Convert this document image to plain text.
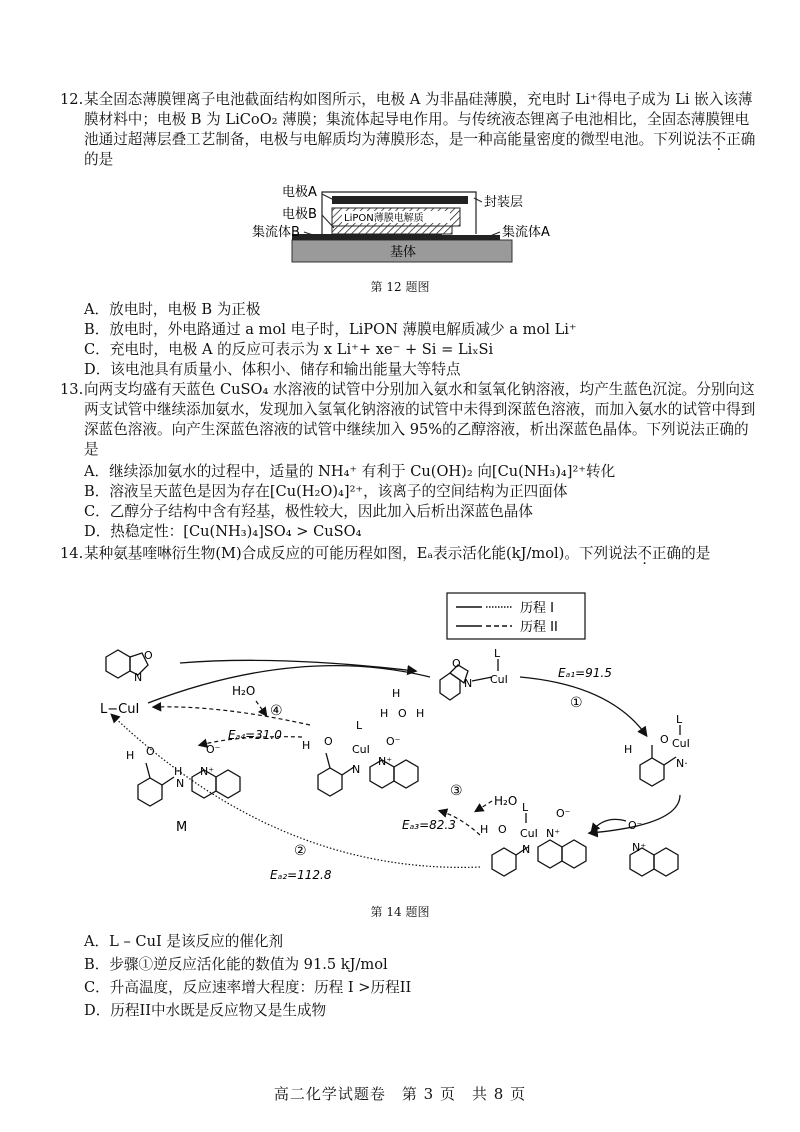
12. 某全固态薄膜锂离子电池截面结构如图所示，电极 A 为非晶硅薄膜，充电时 Li⁺得电子成为 Li 嵌入该薄膜材料中；电极 B 为 LiCoO₂ 薄膜；集流体起导电作用。与传统液态锂离子电池相比，全固态薄膜锂电池通过超薄层叠工艺制备，电极与电解质均为薄膜形态，是一种高能量密度的微型电池。下列说法不正确的是
电极A
电极B
集流体B
封装层
LiPON薄膜电解质
集流体A
基体
第 12 题图
A．放电时，电极 B 为正极
B．放电时，外电路通过 a mol 电子时，LiPON 薄膜电解质减少 a mol Li⁺
C．充电时，电极 A 的反应可表示为 x Li⁺+ xe⁻ + Si = LiₓSi
D．该电池具有质量小、体积小、储存和输出能量大等特点
13. 向两支均盛有天蓝色 CuSO₄ 水溶液的试管中分别加入氨水和氢氧化钠溶液，均产生蓝色沉淀。分别向这两支试管中继续添加氨水，发现加入氢氧化钠溶液的试管中未得到深蓝色溶液，而加入氨水的试管中得到深蓝色溶液。向产生深蓝色溶液的试管中继续加入 95%的乙醇溶液，析出深蓝色晶体。下列说法正确的是
A．继续添加氨水的过程中，适量的 NH₄⁺ 有利于 Cu(OH)₂ 向[Cu(NH₃)₄]²⁺转化
B．溶液呈天蓝色是因为存在[Cu(H₂O)₄]²⁺，该离子的空间结构为正四面体
C．乙醇分子结构中含有羟基，极性较大，因此加入后析出深蓝色晶体
D．热稳定性：[Cu(NH₃)₄]SO₄ > CuSO₄
14. 某种氨基喹啉衍生物(M)合成反应的可能历程如图，Eₐ表示活化能(kJ/mol)。下列说法不正确的是
历程 I
历程 II
O
N
O
N
L
CuI	Eₐ₁=91.5
①
H
O
L
CuI
N·
O⁻
N⁺
H O
L
CuI
N
N⁺
O⁻
Eₐ₃=82.3
③
H₂O
H O
L
CuI
N
N⁺
O⁻
H
H O H
Eₐ₄=31.0
④
H₂O
L−CuI
H O
H
N
N⁺
O⁻
M
②
Eₐ₂=112.8
第 14 题图
A．L – CuI 是该反应的催化剂
B．步骤①逆反应活化能的数值为 91.5 kJ/mol
C．升高温度，反应速率增大程度：历程 I >历程II
D．历程II中水既是反应物又是生成物
高二化学试题卷　第 3 页　共 8 页
